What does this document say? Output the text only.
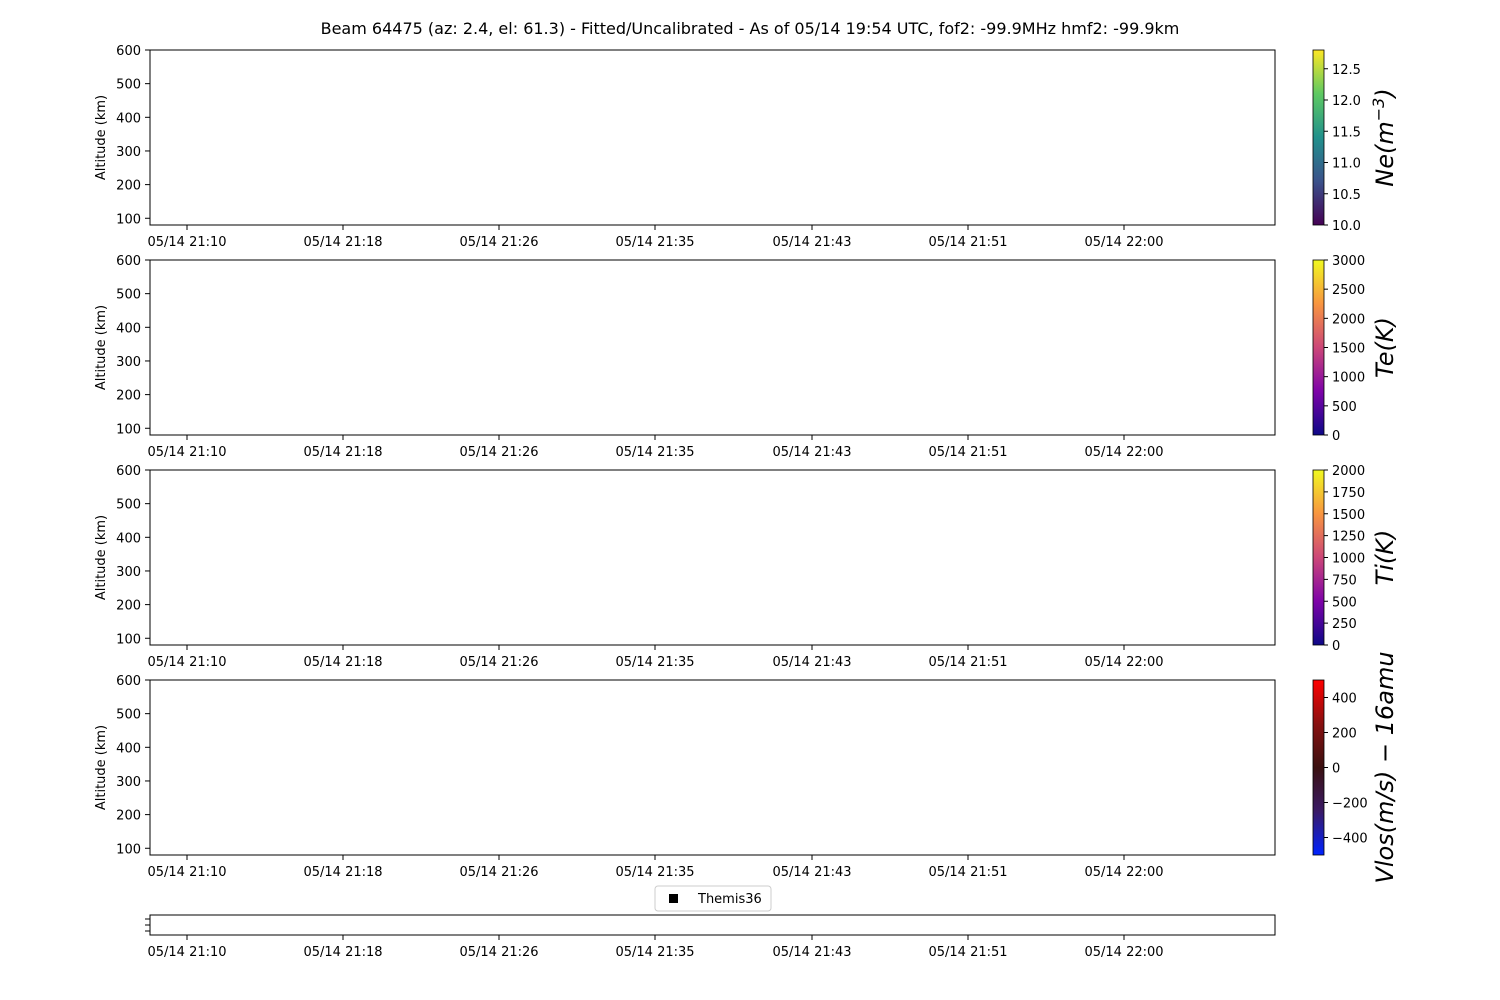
Beam 64475 (az: 2.4, el: 61.3) - Fitted/Uncalibrated - As of 05/14 19:54 UTC, fof2: -99.9MHz hmf2: -99.9km
100
200
300
400
500
600
Altitude (km)
05/14 21:10	05/14 21:18	05/14 21:26	05/14 21:35	05/14 21:43	05/14 21:51	05/14 22:00
10.0
10.5
11.0
11.5
12.0
12.5
$Ne(m^{-3})$
100
200
300
400
500
600
Altitude (km)
05/14 21:10	05/14 21:18	05/14 21:26	05/14 21:35	05/14 21:43	05/14 21:51	05/14 22:00
0
500
1000
1500
2000
2500
3000
Te(K)
100
200
300
400
500
600
Altitude (km)
05/14 21:10	05/14 21:18	05/14 21:26	05/14 21:35	05/14 21:43	05/14 21:51	05/14 22:00
0
250
500
750
1000
1250
1500
1750
2000
Ti(K)
100
200
300
400
500
600
Altitude (km)
05/14 21:10	05/14 21:18	05/14 21:26	05/14 21:35	05/14 21:43	05/14 21:51	05/14 22:00
−400
−200
0
200
400 Vlos(m/s) − 16amu
05/14 21:10	05/14 21:18	05/14 21:26	05/14 21:35	05/14 21:43	05/14 21:51	05/14 22:00
Themis36
